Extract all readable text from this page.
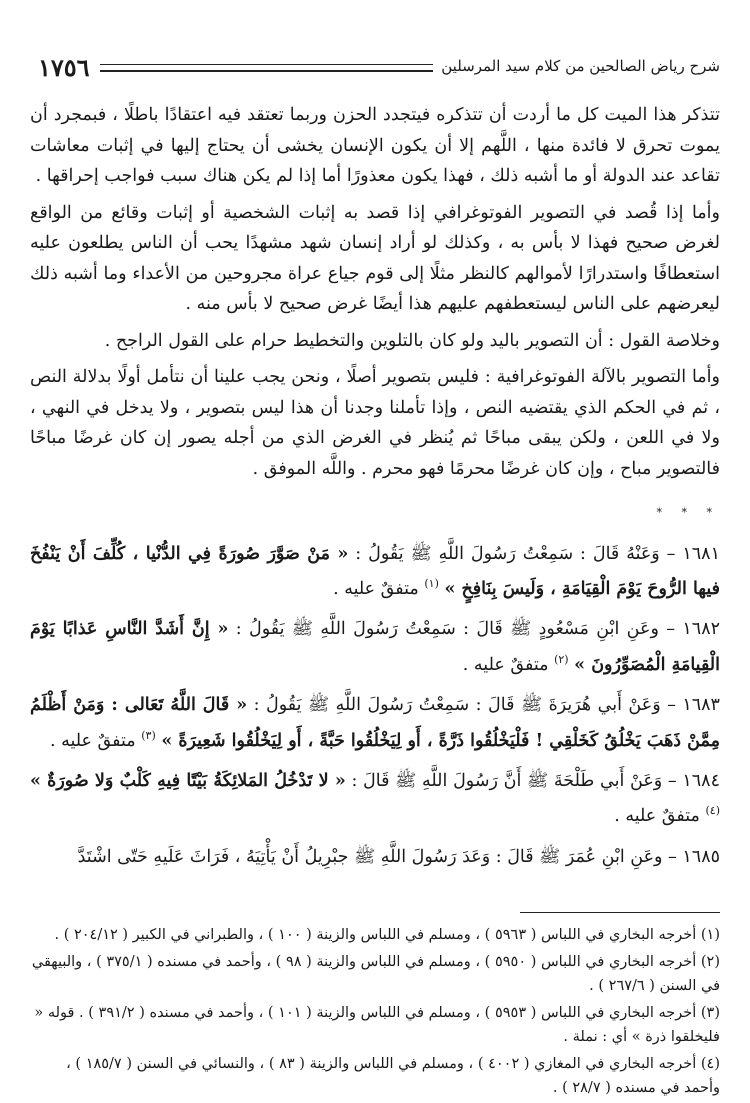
شرح رياض الصالحين من كلام سيد المرسلين
١٧٥٦

تتذكر هذا الميت كل ما أردت أن تتذكره فيتجدد الحزن وربما تعتقد فيه اعتقادًا باطلًا ، فبمجرد أن يموت تحرق لا فائدة منها ، اللَّهم إلا أن يكون الإنسان يخشى أن يحتاج إليها في إثبات معاشات تقاعد عند الدولة أو ما أشبه ذلك ، فهذا يكون معذورًا أما إذا لم يكن هناك سبب فواجب إحراقها .

وأما إذا قُصد في التصوير الفوتوغرافي إذا قصد به إثبات الشخصية أو إثبات وقائع من الواقع لغرض صحيح فهذا لا بأس به ، وكذلك لو أراد إنسان شهد مشهدًا يحب أن الناس يطلعون عليه استعطافًا واستدرارًا لأموالهم كالنظر مثلًا إلى قوم جياع عراة مجروحين من الأعداء وما أشبه ذلك ليعرضهم على الناس ليستعطفهم عليهم هذا أيضًا غرض صحيح لا بأس منه .

وخلاصة القول : أن التصوير باليد ولو كان بالتلوين والتخطيط حرام على القول الراجح .

وأما التصوير بالآلة الفوتوغرافية : فليس بتصوير أصلًا ، ونحن يجب علينا أن نتأمل أولًا بدلالة النص ، ثم في الحكم الذي يقتضيه النص ، وإذا تأملنا وجدنا أن هذا ليس بتصوير ، ولا يدخل في النهي ، ولا في اللعن ، ولكن يبقى مباحًا ثم يُنظر في الغرض الذي من أجله يصور إن كان غرضًا مباحًا فالتصوير مباح ، وإن كان غرضًا محرمًا فهو محرم . واللَّه الموفق .

* * *

١٦٨١ – وَعَنْهُ قَالَ : سَمِعْتُ رَسُولَ اللَّهِ ﷺ يَقُولُ : « مَنْ صَوَّرَ صُورَةً فِي الدُّنْيا ، كُلِّفَ أَنْ يَنْفُخَ فيها الرُّوحَ يَوْمَ الْقِيَامَةِ ، وَلَيسَ بِنَافِخٍ » $^{(١)}$ متفقٌ عليه .

١٦٨٢ – وعَنِ ابْنِ مَسْعُودٍ ﷺ قَالَ : سَمِعْتُ رَسُولَ اللَّهِ ﷺ يَقُولُ : « إِنَّ أَشَدَّ النَّاسِ عَذابًا يَوْمَ الْقِيامَةِ الْمُصَوِّرُونَ » $^{(٢)}$ متفقٌ عليه .

١٦٨٣ – وَعَنْ أَبي هُرَيرَةَ ﷺ قَالَ : سَمِعْتُ رَسُولَ اللَّهِ ﷺ يَقُولُ : « قَالَ اللَّهُ تَعَالى : وَمَنْ أَظْلَمُ مِمَّنْ ذَهَبَ يَخْلُقُ كَخَلْقِي ! فَلْيَخْلُقُوا ذَرَّةً ، أَو لِيَخْلُقُوا حَبَّةً ، أَو لِيَخْلُقُوا شَعِيرَةً » $^{(٣)}$ متفقٌ عليه .

١٦٨٤ – وَعَنْ أَبي طَلْحَةَ ﷺ أَنَّ رَسُولَ اللَّهِ ﷺ قَالَ : « لا تَدْخُلُ المَلائِكَةُ بَيْتًا فِيهِ كَلْبٌ وَلا صُورَةٌ » $^{(٤)}$ متفقٌ عليه .

١٦٨٥ – وعَنِ ابْنِ عُمَرَ ﷺ قَالَ : وَعَدَ رَسُولَ اللَّهِ ﷺ جبْرِيلُ أَنْ يَأْتِيَهُ ، فَرَاثَ عَلَيهِ حَتّى اشْتَدَّ

(١) أخرجه البخاري في اللباس ( ٥٩٦٣ ) ، ومسلم في اللباس والزينة ( ١٠٠ ) ، والطبراني في الكبير ( ٢٠٤/١٢ ) .

(٢) أخرجه البخاري في اللباس ( ٥٩٥٠ ) ، ومسلم في اللباس والزينة ( ٩٨ ) ، وأحمد في مسنده ( ٣٧٥/١ ) ، والبيهقي في السنن ( ٢٦٧/٦ ) .

(٣) أخرجه البخاري في اللباس ( ٥٩٥٣ ) ، ومسلم في اللباس والزينة ( ١٠١ ) ، وأحمد في مسنده ( ٣٩١/٢ ) . قوله « فليخلقوا ذرة » أي : نملة .

(٤) أخرجه البخاري في المغازي ( ٤٠٠٢ ) ، ومسلم في اللباس والزينة ( ٨٣ ) ، والنسائي في السنن ( ١٨٥/٧ ) ، وأحمد في مسنده ( ٢٨/٧ ) .
